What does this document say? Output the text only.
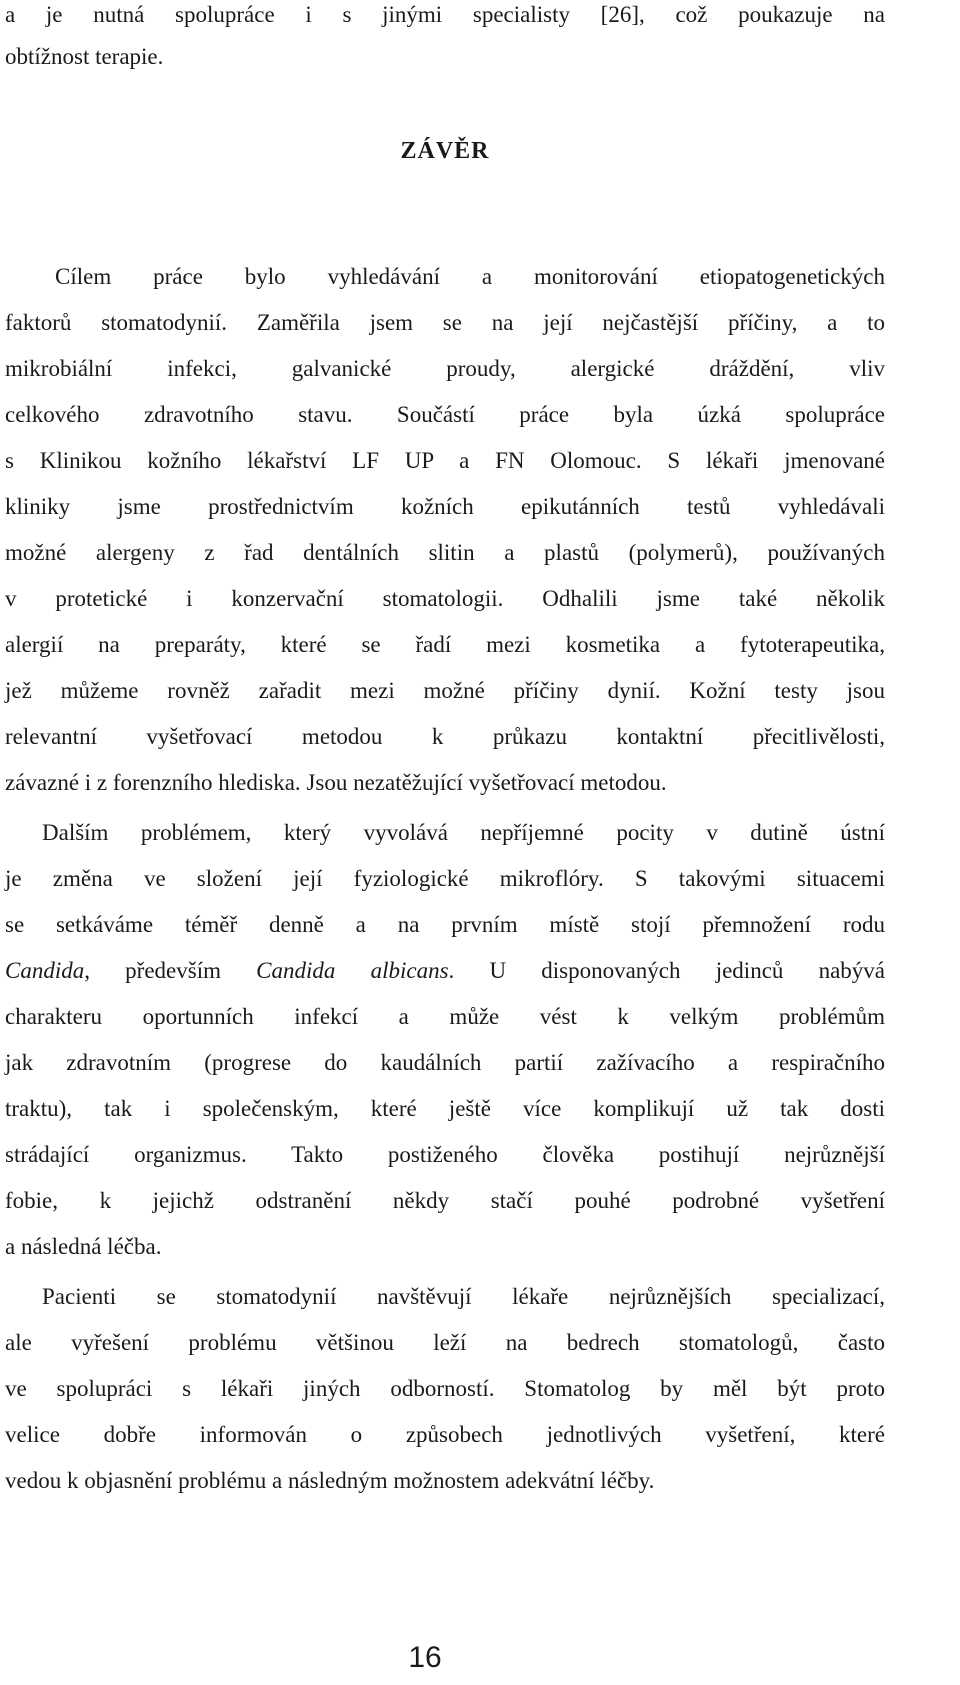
a je nutná spolupráce i s jinými specialisty [26], což poukazuje na
obtížnost terapie.
ZÁVĚR
Cílem práce bylo vyhledávání a monitorování etiopatogenetických
faktorů stomatodynií. Zaměřila jsem se na její nejčastější příčiny, a to
mikrobiální infekci, galvanické proudy, alergické dráždění, vliv
celkového zdravotního stavu. Součástí práce byla úzká spolupráce
s Klinikou kožního lékařství LF UP a FN Olomouc. S lékaři jmenované
kliniky jsme prostřednictvím kožních epikutánních testů vyhledávali
možné alergeny z řad dentálních slitin a plastů (polymerů), používaných
v protetické i konzervační stomatologii. Odhalili jsme také několik
alergií na preparáty, které se řadí mezi kosmetika a fytoterapeutika,
jež můžeme rovněž zařadit mezi možné příčiny dynií. Kožní testy jsou
relevantní vyšetřovací metodou k průkazu kontaktní přecitlivělosti,
závazné i z forenzního hlediska. Jsou nezatěžující vyšetřovací metodou.
Dalším problémem, který vyvolává nepříjemné pocity v dutině ústní
je změna ve složení její fyziologické mikroflóry. S takovými situacemi
se setkáváme téměř denně a na prvním místě stojí přemnožení rodu
Candida, především Candida albicans. U disponovaných jedinců nabývá
charakteru oportunních infekcí a může vést k velkým problémům
jak zdravotním (progrese do kaudálních partií zažívacího a respiračního
traktu), tak i společenským, které ještě více komplikují už tak dosti
strádající organizmus. Takto postiženého člověka postihují nejrůznější
fobie, k jejichž odstranění někdy stačí pouhé podrobné vyšetření
a následná léčba.
Pacienti se stomatodynií navštěvují lékaře nejrůznějších specializací,
ale vyřešení problému většinou leží na bedrech stomatologů, často
ve spolupráci s lékaři jiných odborností. Stomatolog by měl být proto
velice dobře informován o způsobech jednotlivých vyšetření, které
vedou k objasnění problému a následným možnostem adekvátní léčby.
16
